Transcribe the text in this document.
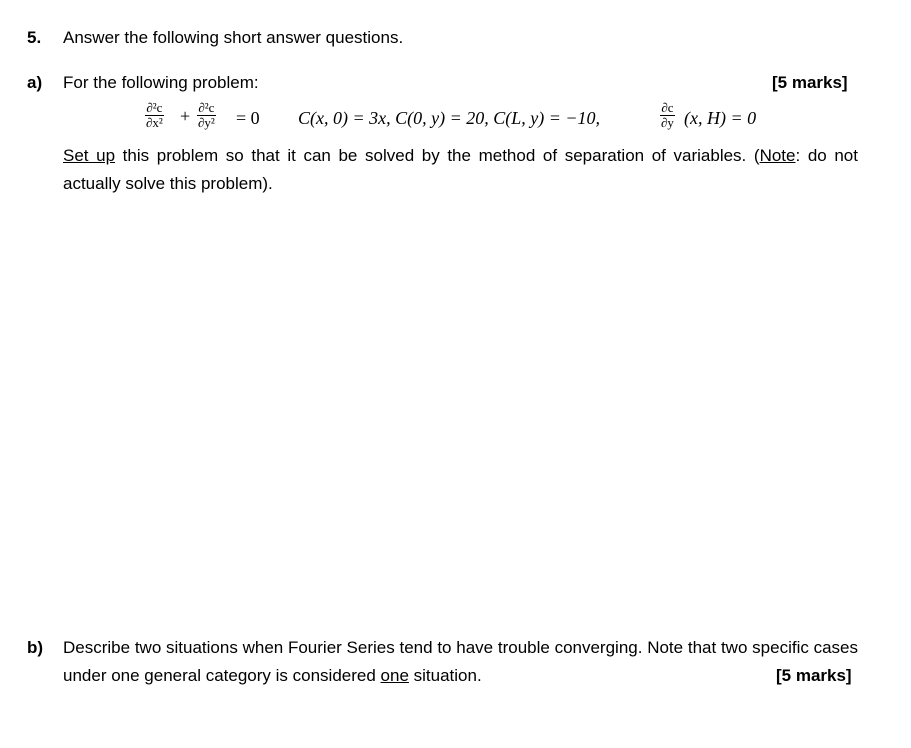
5. Answer the following short answer questions.
a) For the following problem:	[5 marks]
$\frac{\text{∂²c}}{\text{∂x²}} + \frac{\text{∂²c}}{\text{∂y²}} = 0$ C(x, 0) = 3x, C(0, y) = 20, C(L, y) = −10,	$\frac{\partial c}{\partial y} (x$, H) = 0
Set up this problem so that it can be solved by the method of separation of variables. (Note: do not actually solve this problem).
b) Describe two situations when Fourier Series tend to have trouble converging. Note that two specific cases under one general category is considered one situation.	[5 marks]
